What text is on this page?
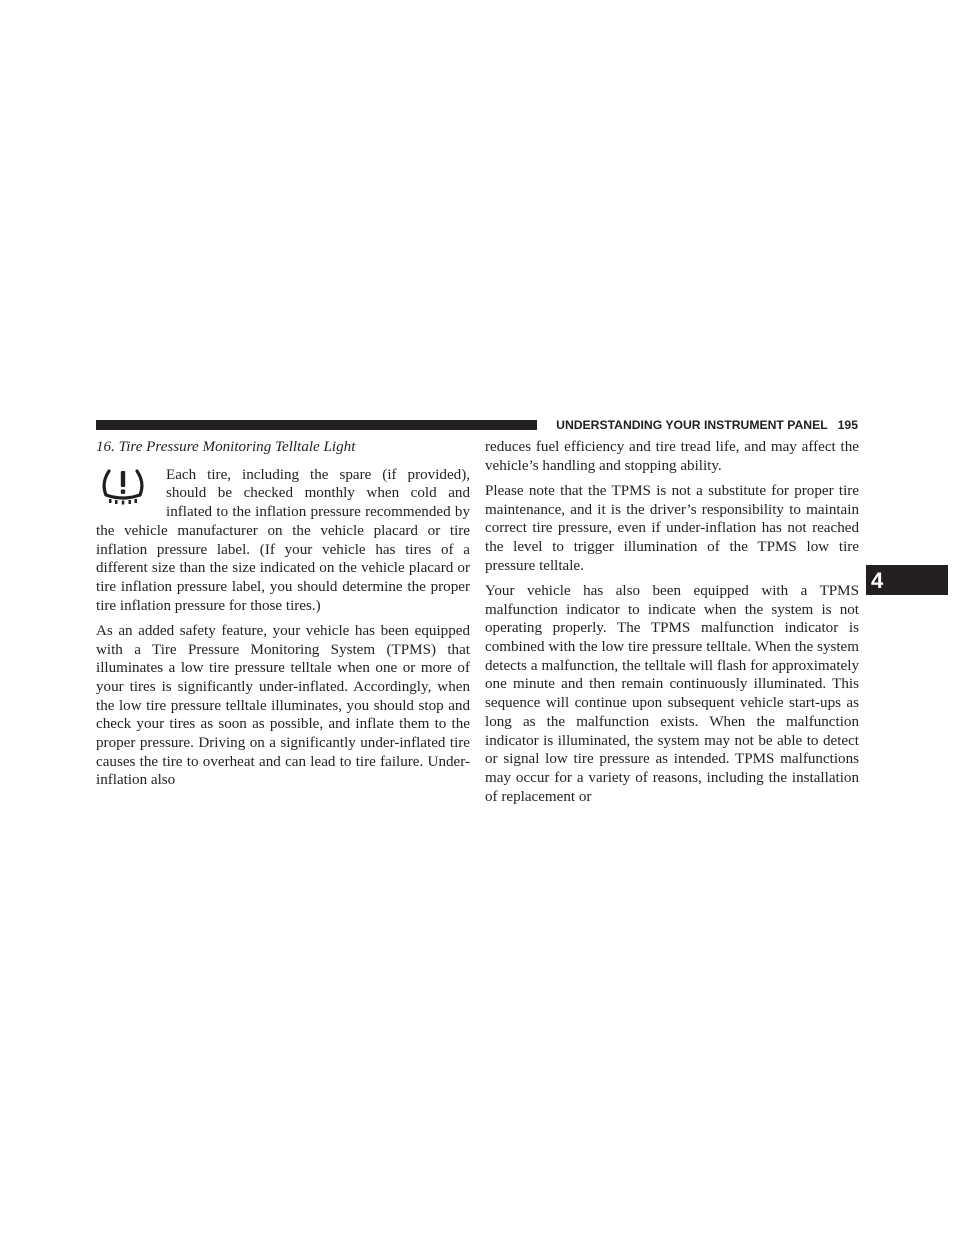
UNDERSTANDING YOUR INSTRUMENT PANEL 195
4

16. Tire Pressure Monitoring Telltale Light

Each tire, including the spare (if provided), should be checked monthly when cold and inflated to the inflation pressure recommended by the vehicle manufacturer on the vehicle placard or tire inflation pressure label. (If your vehicle has tires of a different size than the size indicated on the vehicle placard or tire inflation pressure label, you should determine the proper tire inflation pressure for those tires.)

As an added safety feature, your vehicle has been equipped with a Tire Pressure Monitoring System (TPMS) that illuminates a low tire pressure telltale when one or more of your tires is significantly under-inflated. Accordingly, when the low tire pressure telltale illuminates, you should stop and check your tires as soon as possible, and inflate them to the proper pressure. Driving on a significantly under-inflated tire causes the tire to overheat and can lead to tire failure. Under-inflation also

reduces fuel efficiency and tire tread life, and may affect the vehicle’s handling and stopping ability.

Please note that the TPMS is not a substitute for proper tire maintenance, and it is the driver’s responsibility to maintain correct tire pressure, even if under-inflation has not reached the level to trigger illumination of the TPMS low tire pressure telltale.

Your vehicle has also been equipped with a TPMS malfunction indicator to indicate when the system is not operating properly. The TPMS malfunction indicator is combined with the low tire pressure telltale. When the system detects a malfunction, the telltale will flash for approximately one minute and then remain continuously illuminated. This sequence will continue upon subsequent vehicle start-ups as long as the malfunction exists. When the malfunction indicator is illuminated, the system may not be able to detect or signal low tire pressure as intended. TPMS malfunctions may occur for a variety of reasons, including the installation of replacement or
